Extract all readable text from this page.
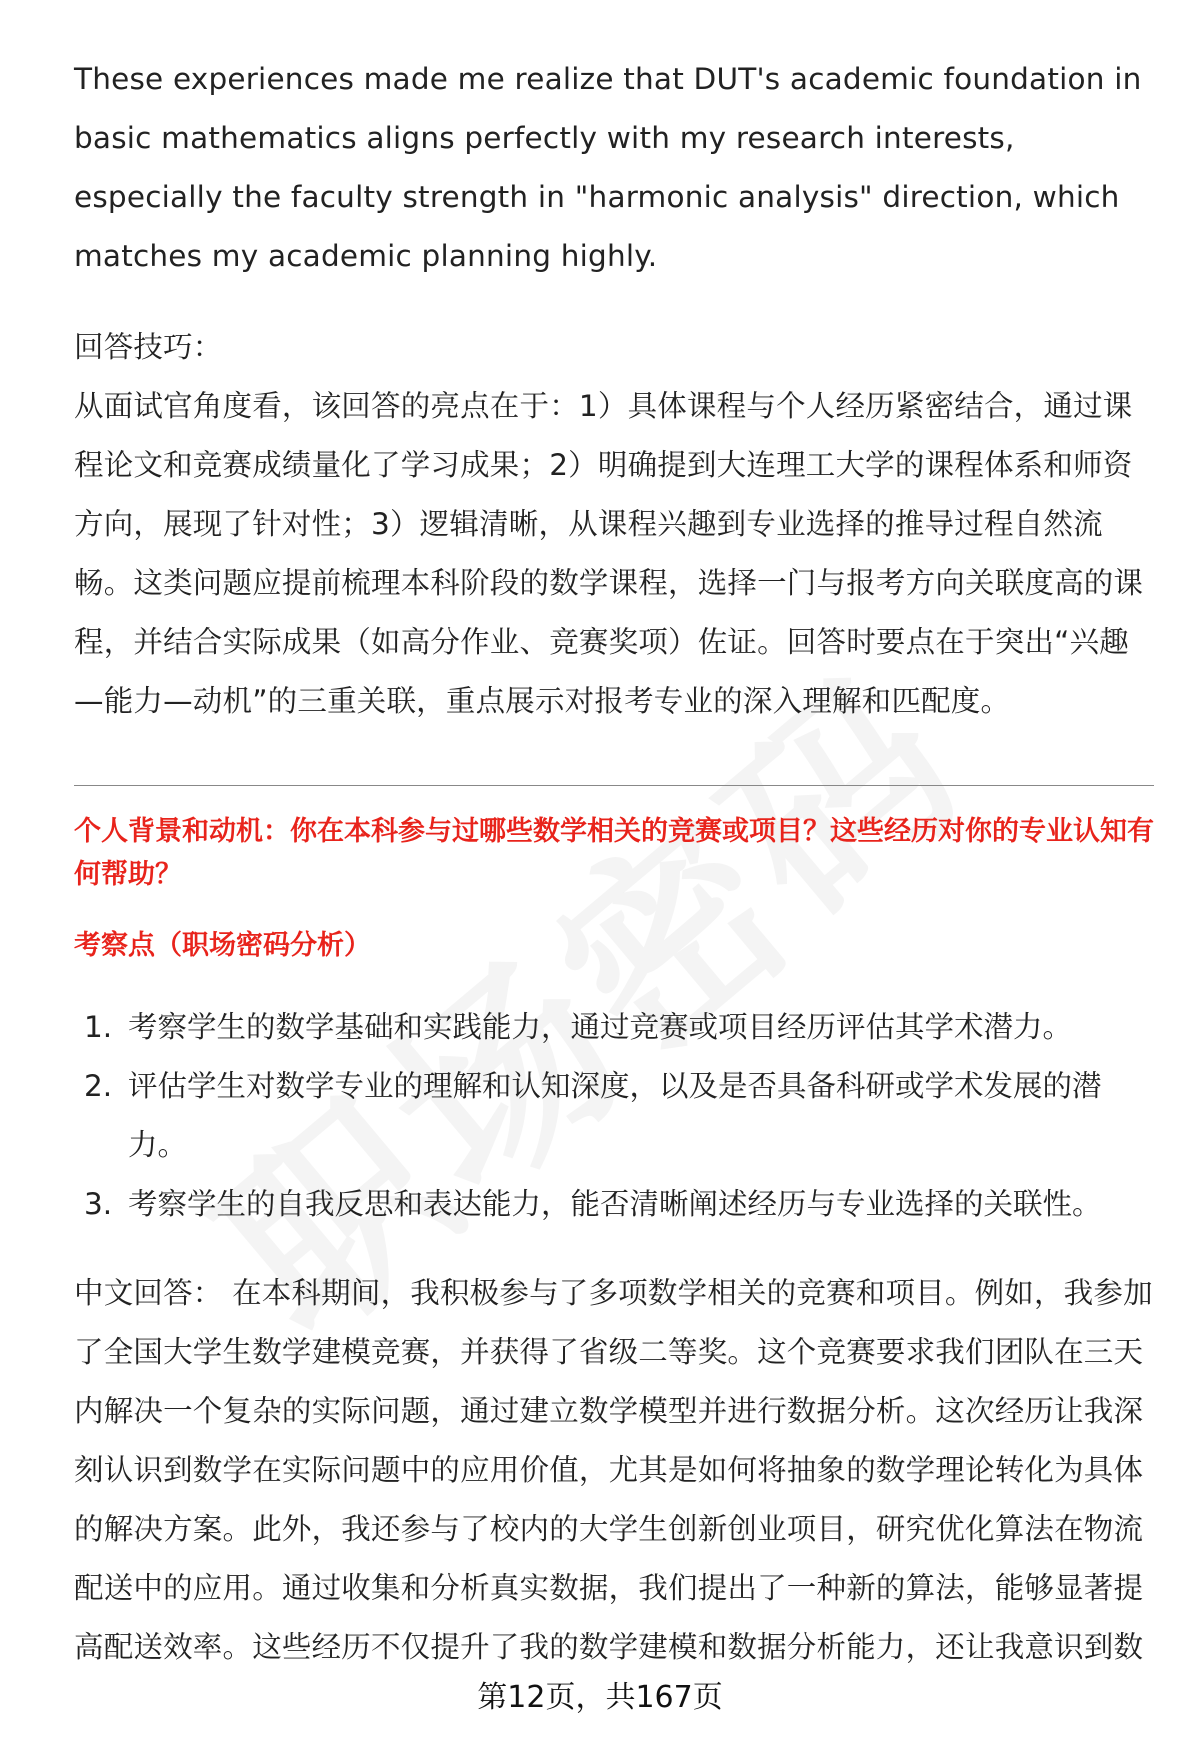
These experiences made me realize that DUT's academic foundation in basic mathematics aligns perfectly with my research interests, especially the faculty strength in "harmonic analysis" direction, which matches my academic planning highly.

回答技巧：

从面试官角度看，该回答的亮点在于：1）具体课程与个人经历紧密结合，通过课程论文和竞赛成绩量化了学习成果；2）明确提到大连理工大学的课程体系和师资方向，展现了针对性；3）逻辑清晰，从课程兴趣到专业选择的推导过程自然流畅。这类问题应提前梳理本科阶段的数学课程，选择一门与报考方向关联度高的课程，并结合实际成果（如高分作业、竞赛奖项）佐证。回答时要点在于突出“兴趣—能力—动机”的三重关联，重点展示对报考专业的深入理解和匹配度。

个人背景和动机：你在本科参与过哪些数学相关的竞赛或项目？这些经历对你的专业认知有何帮助？
考察点（职场密码分析）
1. 考察学生的数学基础和实践能力，通过竞赛或项目经历评估其学术潜力。
2. 评估学生对数学专业的理解和认知深度，以及是否具备科研或学术发展的潜力。
3. 考察学生的自我反思和表达能力，能否清晰阐述经历与专业选择的关联性。

中文回答： 在本科期间，我积极参与了多项数学相关的竞赛和项目。例如，我参加了全国大学生数学建模竞赛，并获得了省级二等奖。这个竞赛要求我们团队在三天内解决一个复杂的实际问题，通过建立数学模型并进行数据分析。这次经历让我深刻认识到数学在实际问题中的应用价值，尤其是如何将抽象的数学理论转化为具体的解决方案。此外，我还参与了校内的大学生创新创业项目，研究优化算法在物流配送中的应用。通过收集和分析真实数据，我们提出了一种新的算法，能够显著提高配送效率。这些经历不仅提升了我的数学建模和数据分析能力，还让我意识到数

第12页，共167页
